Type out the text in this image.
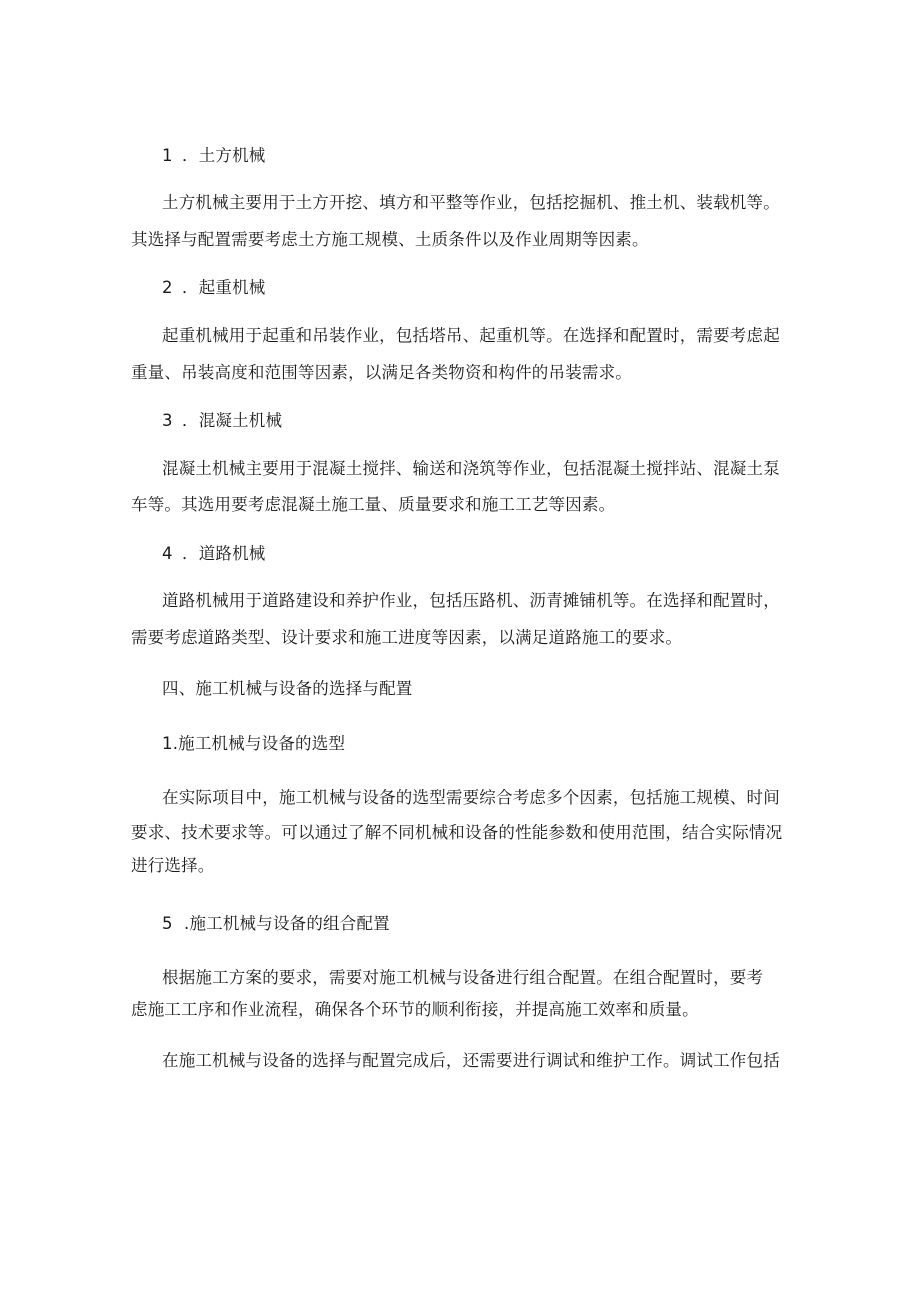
1 ．土方机械
土方机械主要用于土方开挖、填方和平整等作业，包括挖掘机、推土机、装载机等。
其选择与配置需要考虑土方施工规模、土质条件以及作业周期等因素。
2 ．起重机械
起重机械用于起重和吊装作业，包括塔吊、起重机等。在选择和配置时，需要考虑起
重量、吊装高度和范围等因素，以满足各类物资和构件的吊装需求。
3 ．混凝土机械
混凝土机械主要用于混凝土搅拌、输送和浇筑等作业，包括混凝土搅拌站、混凝土泵
车等。其选用要考虑混凝土施工量、质量要求和施工工艺等因素。
4 ．道路机械
道路机械用于道路建设和养护作业，包括压路机、沥青摊铺机等。在选择和配置时，
需要考虑道路类型、设计要求和施工进度等因素，以满足道路施工的要求。
四、施工机械与设备的选择与配置
1.施工机械与设备的选型
在实际项目中，施工机械与设备的选型需要综合考虑多个因素，包括施工规模、时间
要求、技术要求等。可以通过了解不同机械和设备的性能参数和使用范围，结合实际情况
进行选择。
5 .施工机械与设备的组合配置
根据施工方案的要求，需要对施工机械与设备进行组合配置。在组合配置时，要考
虑施工工序和作业流程，确保各个环节的顺利衔接，并提高施工效率和质量。
在施工机械与设备的选择与配置完成后，还需要进行调试和维护工作。调试工作包括
